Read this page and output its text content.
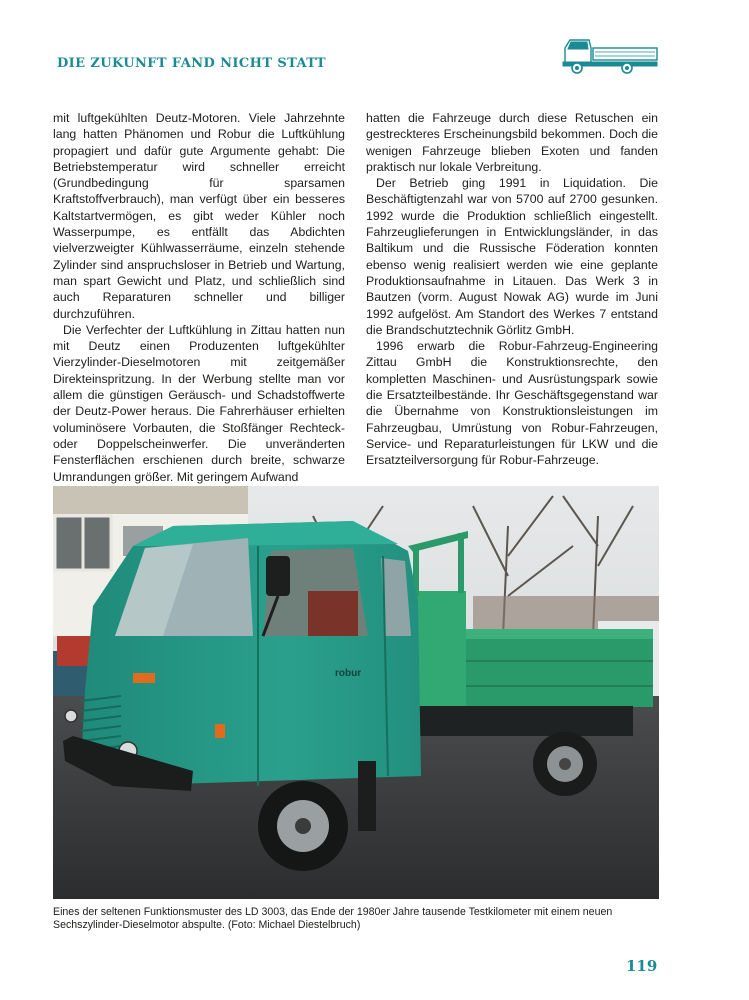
DIE ZUKUNFT FAND NICHT STATT

mit luftgekühlten Deutz-Motoren. Viele Jahrzehnte lang hatten Phänomen und Robur die Luftkühlung propagiert und dafür gute Argumente gehabt: Die Betriebstemperatur wird schneller erreicht (Grundbedingung für sparsamen Kraftstoffverbrauch), man verfügt über ein besseres Kaltstartvermögen, es gibt weder Kühler noch Wasserpumpe, es entfällt das Abdichten vielverzweigter Kühlwasserräume, einzeln stehende Zylinder sind anspruchsloser in Betrieb und Wartung, man spart Gewicht und Platz, und schließlich sind auch Reparaturen schneller und billiger durchzuführen.

Die Verfechter der Luftkühlung in Zittau hatten nun mit Deutz einen Produzenten luftgekühlter Vierzylinder-Dieselmotoren mit zeitgemäßer Direkteinspritzung. In der Werbung stellte man vor allem die günstigen Geräusch- und Schadstoffwerte der Deutz-Power heraus. Die Fahrerhäuser erhielten voluminösere Vorbauten, die Stoßfänger Rechteck- oder Doppelscheinwerfer. Die unveränderten Fensterflächen erschienen durch breite, schwarze Umrandungen größer. Mit geringem Aufwand

hatten die Fahrzeuge durch diese Retuschen ein gestreckteres Erscheinungsbild bekommen. Doch die wenigen Fahrzeuge blieben Exoten und fanden praktisch nur lokale Verbreitung.

Der Betrieb ging 1991 in Liquidation. Die Beschäftigtenzahl war von 5700 auf 2700 gesunken. 1992 wurde die Produktion schließlich eingestellt. Fahrzeuglieferungen in Entwicklungsländer, in das Baltikum und die Russische Föderation konnten ebenso wenig realisiert werden wie eine geplante Produktionsaufnahme in Litauen. Das Werk 3 in Bautzen (vorm. August Nowak AG) wurde im Juni 1992 aufgelöst. Am Standort des Werkes 7 entstand die Brandschutztechnik Görlitz GmbH.

1996 erwarb die Robur-Fahrzeug-Engineering Zittau GmbH die Konstruktionsrechte, den kompletten Maschinen- und Ausrüstungspark sowie die Ersatzteilbestände. Ihr Geschäftsgegenstand war die Übernahme von Konstruktionsleistungen im Fahrzeugbau, Umrüstung von Robur-Fahrzeugen, Service- und Reparaturleistungen für LKW und die Ersatzteilversorgung für Robur-Fahrzeuge.

robur
Eines der seltenen Funktionsmuster des LD 3003, das Ende der 1980er Jahre tausende Testkilometer mit einem neuen Sechszylinder-Dieselmotor abspulte. (Foto: Michael Diestelbruch)
119
